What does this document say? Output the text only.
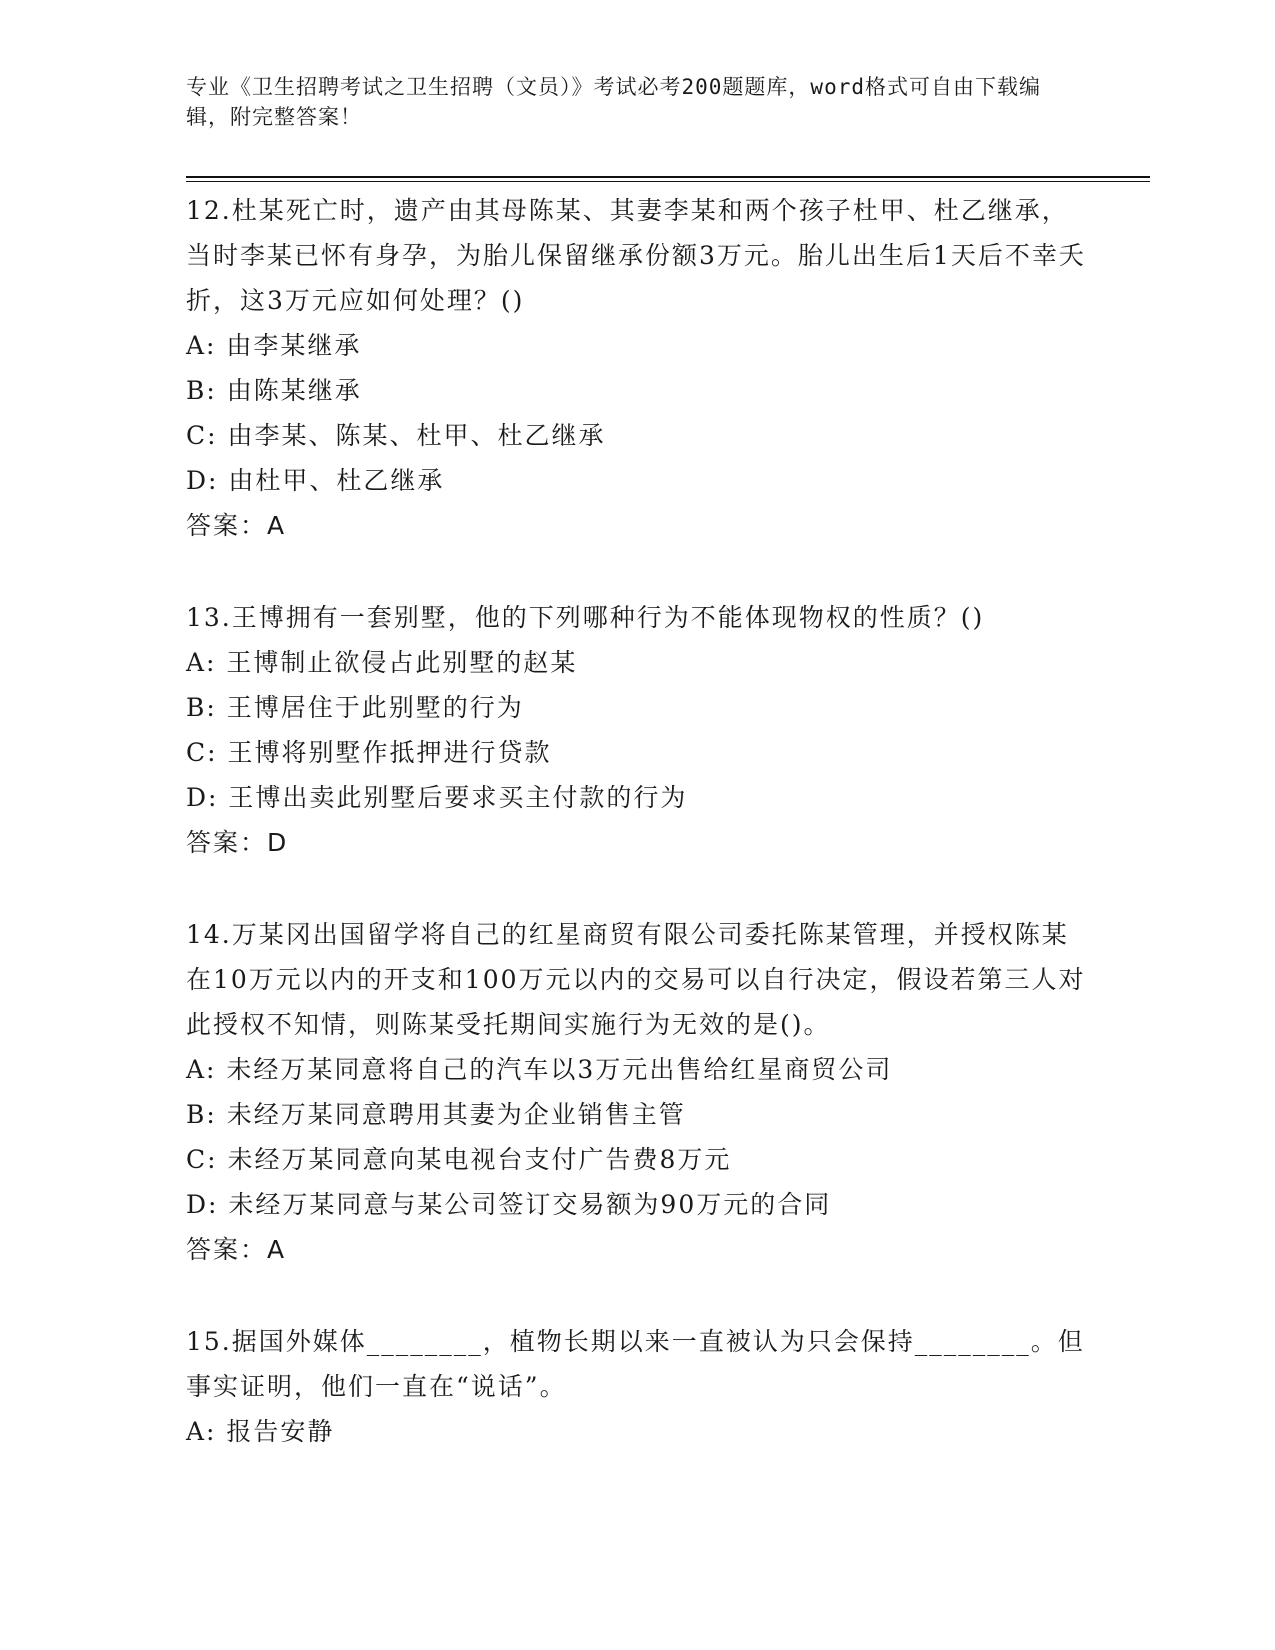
专业《卫生招聘考试之卫生招聘（文员）》考试必考200题题库，word格式可自由下载编辑，附完整答案！

12.杜某死亡时，遗产由其母陈某、其妻李某和两个孩子杜甲、杜乙继承，当时李某已怀有身孕，为胎儿保留继承份额3万元。胎儿出生后1天后不幸夭折，这3万元应如何处理？()

A: 由李某继承

B: 由陈某继承

C: 由李某、陈某、杜甲、杜乙继承

D: 由杜甲、杜乙继承

答案：A

13.王博拥有一套别墅，他的下列哪种行为不能体现物权的性质？()

A: 王博制止欲侵占此别墅的赵某

B: 王博居住于此别墅的行为

C: 王博将别墅作抵押进行贷款

D: 王博出卖此别墅后要求买主付款的行为

答案：D

14.万某冈出国留学将自己的红星商贸有限公司委托陈某管理，并授权陈某在10万元以内的开支和100万元以内的交易可以自行决定，假设若第三人对此授权不知情，则陈某受托期间实施行为无效的是()。

A: 未经万某同意将自己的汽车以3万元出售给红星商贸公司

B: 未经万某同意聘用其妻为企业销售主管

C: 未经万某同意向某电视台支付广告费8万元

D: 未经万某同意与某公司签订交易额为90万元的合同

答案：A

15.据国外媒体________，植物长期以来一直被认为只会保持________。但事实证明，他们一直在“说话”。

A: 报告安静
